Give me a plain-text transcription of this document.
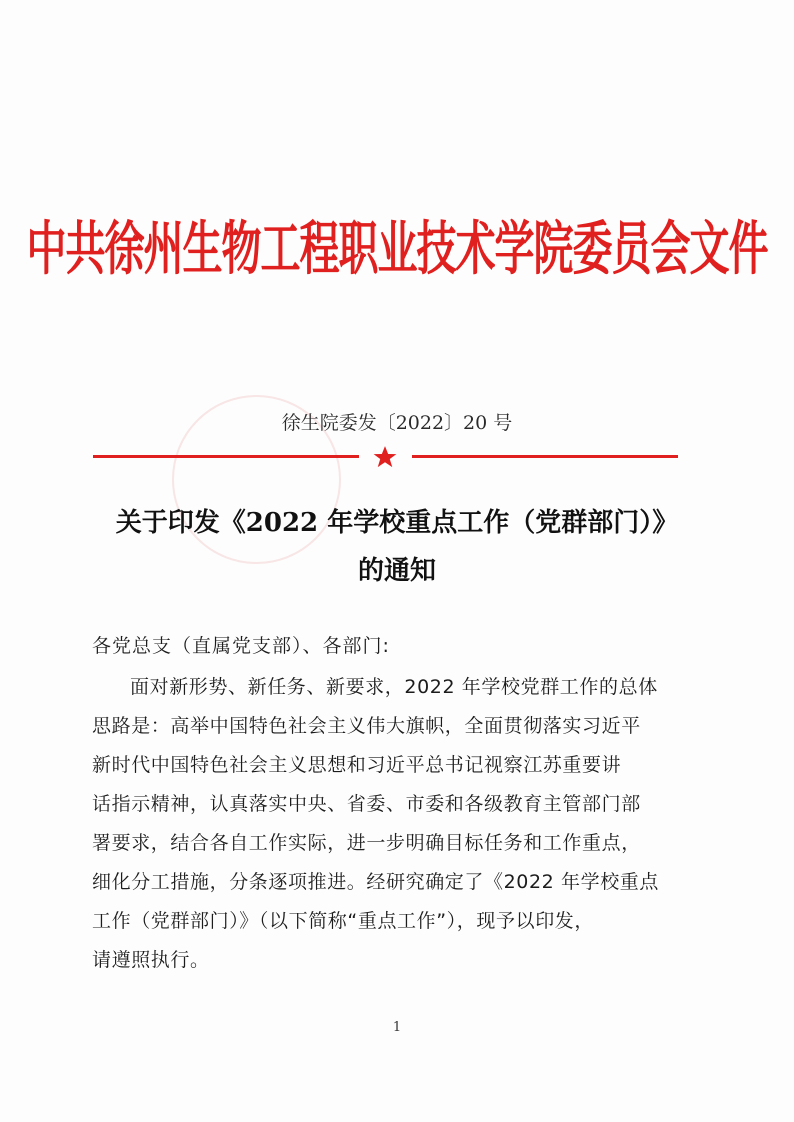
中共徐州生物工程职业技术学院委员会文件
徐生院委发〔2022〕20 号
关于印发《2022 年学校重点工作（党群部门）》
的通知
各党总支（直属党支部）、各部门:

面对新形势、新任务、新要求，2022 年学校党群工作的总体

思路是：高举中国特色社会主义伟大旗帜，全面贯彻落实习近平

新时代中国特色社会主义思想和习近平总书记视察江苏重要讲

话指示精神，认真落实中央、省委、市委和各级教育主管部门部

署要求，结合各自工作实际，进一步明确目标任务和工作重点，

细化分工措施，分条逐项推进。经研究确定了《2022 年学校重点

工作（党群部门）》（以下简称“重点工作”），现予以印发，

请遵照执行。

1
